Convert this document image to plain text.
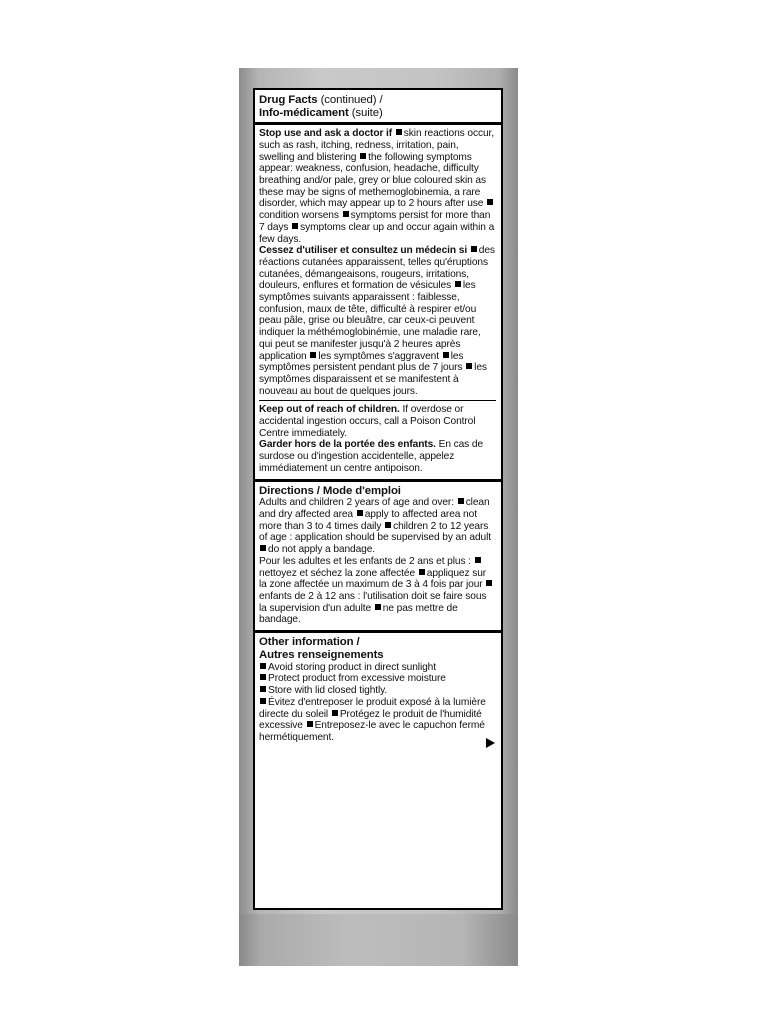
Drug Facts (continued) /
Info-médicament (suite)
Stop use and ask a doctor if skin reactions occur, such as rash, itching, redness, irritation, pain, swelling and blistering the following symptoms appear: weakness, confusion, headache, difficulty breathing and/or pale, grey or blue coloured skin as these may be signs of methemoglobinemia, a rare disorder, which may appear up to 2 hours after use condition worsens symptoms persist for more than 7 days symptoms clear up and occur again within a few days.
Cessez d'utiliser et consultez un médecin si des réactions cutanées apparaissent, telles qu'éruptions cutanées, démangeaisons, rougeurs, irritations, douleurs, enflures et formation de vésicules les symptômes suivants apparaissent : faiblesse, confusion, maux de tête, difficulté à respirer et/ou peau pâle, grise ou bleuâtre, car ceux-ci peuvent indiquer la méthémoglobinémie, une maladie rare, qui peut se manifester jusqu'à 2 heures après application les symptômes s'aggravent les symptômes persistent pendant plus de 7 jours les symptômes disparaissent et se manifestent à nouveau au bout de quelques jours.
Keep out of reach of children. If overdose or accidental ingestion occurs, call a Poison Control Centre immediately.
Garder hors de la portée des enfants. En cas de surdose ou d'ingestion accidentelle, appelez immédiatement un centre antipoison.
Directions / Mode d'emploi
Adults and children 2 years of age and over: clean and dry affected area apply to affected area not more than 3 to 4 times daily children 2 to 12 years of age : application should be supervised by an adult do not apply a bandage.
Pour les adultes et les enfants de 2 ans et plus : nettoyez et séchez la zone affectée appliquez sur la zone affectée un maximum de 3 à 4 fois par jour enfants de 2 à 12 ans : l'utilisation doit se faire sous la supervision d'un adulte ne pas mettre de bandage.
Other information /
Autres renseignements
Avoid storing product in direct sunlight
Protect product from excessive moisture
Store with lid closed tightly.
Évitez d'entreposer le produit exposé à la lumière directe du soleil Protégez le produit de l'humidité excessive Entreposez-le avec le capuchon fermé hermétiquement.
